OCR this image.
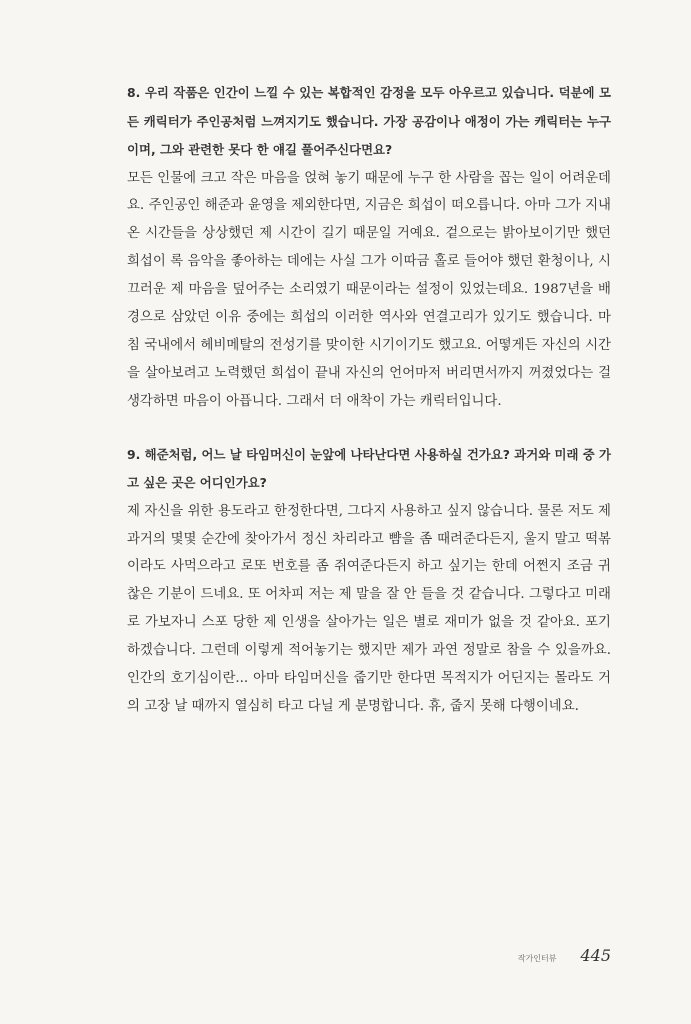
8. 우리 작품은 인간이 느낄 수 있는 복합적인 감정을 모두 아우르고 있습니다. 덕분에 모든 캐릭터가 주인공처럼 느껴지기도 했습니다. 가장 공감이나 애정이 가는 캐릭터는 누구이며, 그와 관련한 못다 한 얘길 풀어주신다면요?

모든 인물에 크고 작은 마음을 얹혀 놓기 때문에 누구 한 사람을 꼽는 일이 어려운데요. 주인공인 해준과 윤영을 제외한다면, 지금은 희섭이 떠오릅니다. 아마 그가 지내온 시간들을 상상했던 제 시간이 길기 때문일 거예요. 겉으로는 밝아보이기만 했던 희섭이 록 음악을 좋아하는 데에는 사실 그가 이따금 홀로 들어야 했던 환청이나, 시끄러운 제 마음을 덮어주는 소리였기 때문이라는 설정이 있었는데요. 1987년을 배경으로 삼았던 이유 중에는 희섭의 이러한 역사와 연결고리가 있기도 했습니다. 마침 국내에서 헤비메탈의 전성기를 맞이한 시기이기도 했고요. 어떻게든 자신의 시간을 살아보려고 노력했던 희섭이 끝내 자신의 언어마저 버리면서까지 꺼졌었다는 걸 생각하면 마음이 아픕니다. 그래서 더 애착이 가는 캐릭터입니다.

9. 해준처럼, 어느 날 타임머신이 눈앞에 나타난다면 사용하실 건가요? 과거와 미래 중 가고 싶은 곳은 어디인가요?

제 자신을 위한 용도라고 한정한다면, 그다지 사용하고 싶지 않습니다. 물론 저도 제 과거의 몇몇 순간에 찾아가서 정신 차리라고 뺨을 좀 때려준다든지, 울지 말고 떡볶이라도 사먹으라고 로또 번호를 좀 쥐여준다든지 하고 싶기는 한데 어쩐지 조금 귀찮은 기분이 드네요. 또 어차피 저는 제 말을 잘 안 들을 것 같습니다. 그렇다고 미래로 가보자니 스포 당한 제 인생을 살아가는 일은 별로 재미가 없을 것 같아요. 포기하겠습니다. 그런데 이렇게 적어놓기는 했지만 제가 과연 정말로 참을 수 있을까요. 인간의 호기심이란... 아마 타임머신을 줍기만 한다면 목적지가 어딘지는 몰라도 거의 고장 날 때까지 열심히 타고 다닐 게 분명합니다. 휴, 줍지 못해 다행이네요.

작가인터뷰 445
